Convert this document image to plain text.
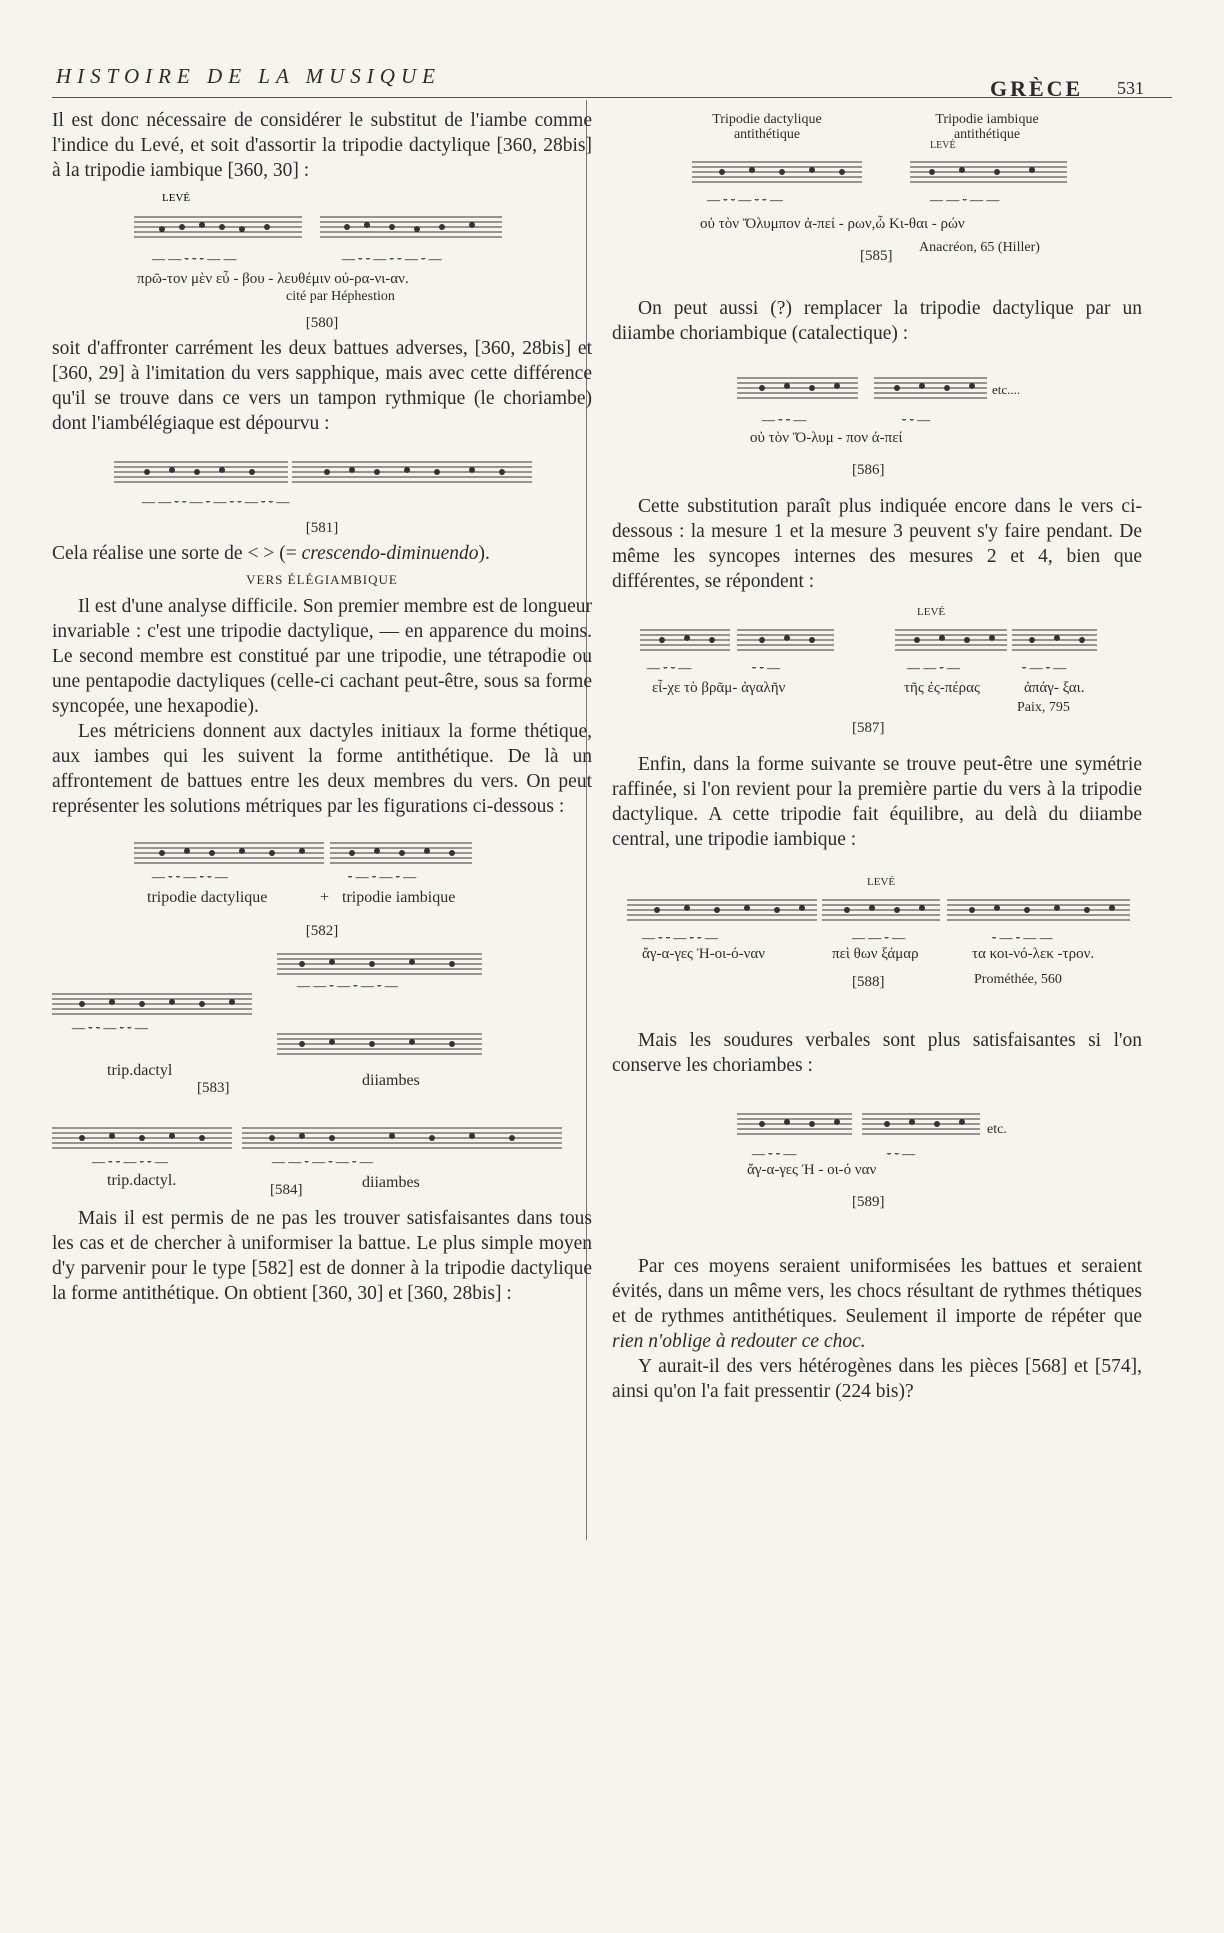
HISTOIRE DE LA MUSIQUE	GRÈCE 531

Il est donc nécessaire de considérer le substitut de l'iambe comme l'indice du Levé, et soit d'assortir la tripodie dactylique [360, 28bis] à la tripodie iambique [360, 30] :

LEVÉ
— — ⏑ ⏑ ⏑ — —	— ⏑ ⏑ — ⏑ ⏑ — ⏑ —
πρῶ-τον μὲν εὖ - βου - λευθέμιν ού-ρα-νι-αν.
cité par Héphestion
[580]

soit d'affronter carrément les deux battues adverses, [360, 28bis] et [360, 29] à l'imitation du vers sapphique, mais avec cette différence qu'il se trouve dans ce vers un tampon rythmique (le choriambe) dont l'iambélégiaque est dépourvu :

— — ⏑ ⏑ — ⏑ — ⏑ ⏑ — ⏑ ⏑ —
[581]

Cela réalise une sorte de < > (= crescendo-diminuendo).

VERS ÉLÉGIAMBIQUE

Il est d'une analyse difficile. Son premier membre est de longueur invariable : c'est une tripodie dactylique, — en apparence du moins. Le second membre est constitué par une tripodie, une tétrapodie ou une pentapodie dactyliques (celle-ci cachant peut-être, sous sa forme syncopée, une hexapodie).

Les métriciens donnent aux dactyles initiaux la forme thétique, aux iambes qui les suivent la forme antithétique. De là un affrontement de battues entre les deux membres du vers. On peut représenter les solutions métriques par les figurations ci-dessous :

— ⏑ ⏑ — ⏑ ⏑ —	⏑ — ⏑ — ⏑ —
tripodie dactylique	+ tripodie iambique
[582]
— ⏑ ⏑ — ⏑ ⏑ —
— — ⏑ — ⏑ — ⏑ —
trip.dactyl
diiambes
[583]
— ⏑ ⏑ — ⏑ ⏑ —	— — ⏑ — ⏑ — ⏑ —
trip.dactyl.	diiambes
[584]

Mais il est permis de ne pas les trouver satisfaisantes dans tous les cas et de chercher à uniformiser la battue. Le plus simple moyen d'y parvenir pour le type [582] est de donner à la tripodie dactylique la forme antithétique. On obtient [360, 30] et [360, 28bis] :

Tripodie dactylique antithétique
Tripodie iambique antithétique
LEVÉ
— ⏑ ⏑ — ⏑ ⏑ —	— — ⏑ — —
οὐ τὸν Ὄλυμπον ἀ-πεί - ρων,ὦ Κι-θαι - ρών
Anacréon, 65 (Hiller)
[585]

On peut aussi (?) remplacer la tripodie dactylique par un diiambe choriambique (catalectique) :

— ⏑ ⏑ —	⏑ ⏑ —
etc....
οὐ τὸν Ὄ-λυμ - πον ἀ-πεί
[586]

Cette substitution paraît plus indiquée encore dans le vers ci-dessous : la mesure 1 et la mesure 3 peuvent s'y faire pendant. De même les syncopes internes des mesures 2 et 4, bien que différentes, se répondent :

LEVÉ
— ⏑ ⏑ —	⏑ ⏑ —	— — ⏑ —	⏑ — ⏑ —
εἶ-χε τὸ βρᾶμ- ἀγαλῆν	τῆς ἐς-πέρας	ἀπάγ- ξαι.
Paix, 795
[587]

Enfin, dans la forme suivante se trouve peut-être une symétrie raffinée, si l'on revient pour la première partie du vers à la tripodie dactylique. A cette tripodie fait équilibre, au delà du diiambe central, une tripodie iambique :

LEVÉ
— ⏑ ⏑ — ⏑ ⏑ —	— — ⏑ —	⏑ — ⏑ — —
ἄγ-α-γες Ἠ-οι-ό-ναν	πεὶ θων ξάμαρ	τα κοι-νό-λεκ -τρον.
[588]	Prométhée, 560

Mais les soudures verbales sont plus satisfaisantes si l'on conserve les choriambes :

— ⏑ ⏑ —	⏑ ⏑ —
etc.
ἄγ-α-γες Ἠ - οι-ό ναν
[589]

Par ces moyens seraient uniformisées les battues et seraient évités, dans un même vers, les chocs résultant de rythmes thétiques et de rythmes antithétiques. Seulement il importe de répéter que rien n'oblige à redouter ce choc.

Y aurait-il des vers hétérogènes dans les pièces [568] et [574], ainsi qu'on l'a fait pressentir (224 bis)?
